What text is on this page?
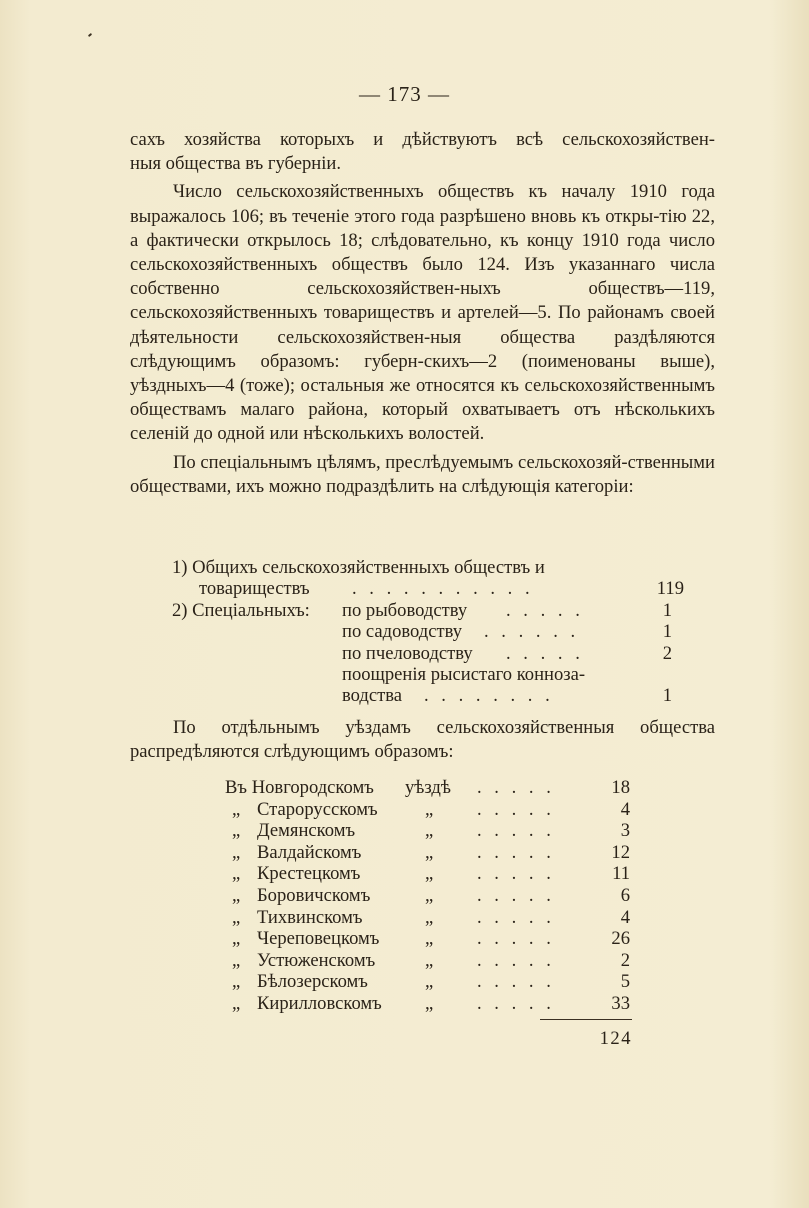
— 173 —

сахъ хозяйства которыхъ и дѣйствуютъ всѣ сельскохозяйствен-

ныя общества въ губерніи.

Число сельскохозяйственныхъ обществъ къ началу 1910 года выражалось 106; въ теченіе этого года разрѣшено вновь къ откры-тію 22, а фактически открылось 18; слѣдовательно, къ концу 1910 года число сельскохозяйственныхъ обществъ было 124. Изъ указаннаго числа собственно сельскохозяйствен-ныхъ обществъ—119, сельскохозяйственныхъ товариществъ и артелей—5. По районамъ своей дѣятельности сельскохозяйствен-ныя общества раздѣляются слѣдующимъ образомъ: губерн-скихъ—2 (поименованы выше), уѣздныхъ—4 (тоже); остальныя же относятся къ сельскохозяйственнымъ обществамъ малаго района, который охватываетъ отъ нѣсколькихъ селеній до одной или нѣсколькихъ волостей.

По спеціальнымъ цѣлямъ, преслѣдуемымъ сельскохозяй-ственными обществами, ихъ можно подраздѣлить на слѣдующія категоріи:

1) Общихъ сельскохозяйственныхъ обществъ и
товариществъ . . . . . . . . . . .	119
2) Спеціальныхъ: по рыбоводству . . . . .	1
по садоводству . . . . . .	1
по пчеловодству . . . . .	2
поощренія рысистаго конноза-
водства . . . . . . . .	1

По отдѣльнымъ уѣздамъ сельскохозяйственныя общества распредѣляются слѣдующимъ образомъ:

Въ Новгородскомъ уѣздѣ . . . . .	18
„ Старорусскомъ	„ . . . . .	4
„ Демянскомъ	„ . . . . .	3
„ Валдайскомъ	„ . . . . .	12
„ Крестецкомъ	„ . . . . .	11
„ Боровичскомъ	„ . . . . .	6
„ Тихвинскомъ	„ . . . . .	4
„ Череповецкомъ „ . . . . .	26
„ Устюженскомъ	„ . . . . .	2
„ Бѣлозерскомъ	„ . . . . .	5
„ Кирилловскомъ „ . . . . .	33
124
